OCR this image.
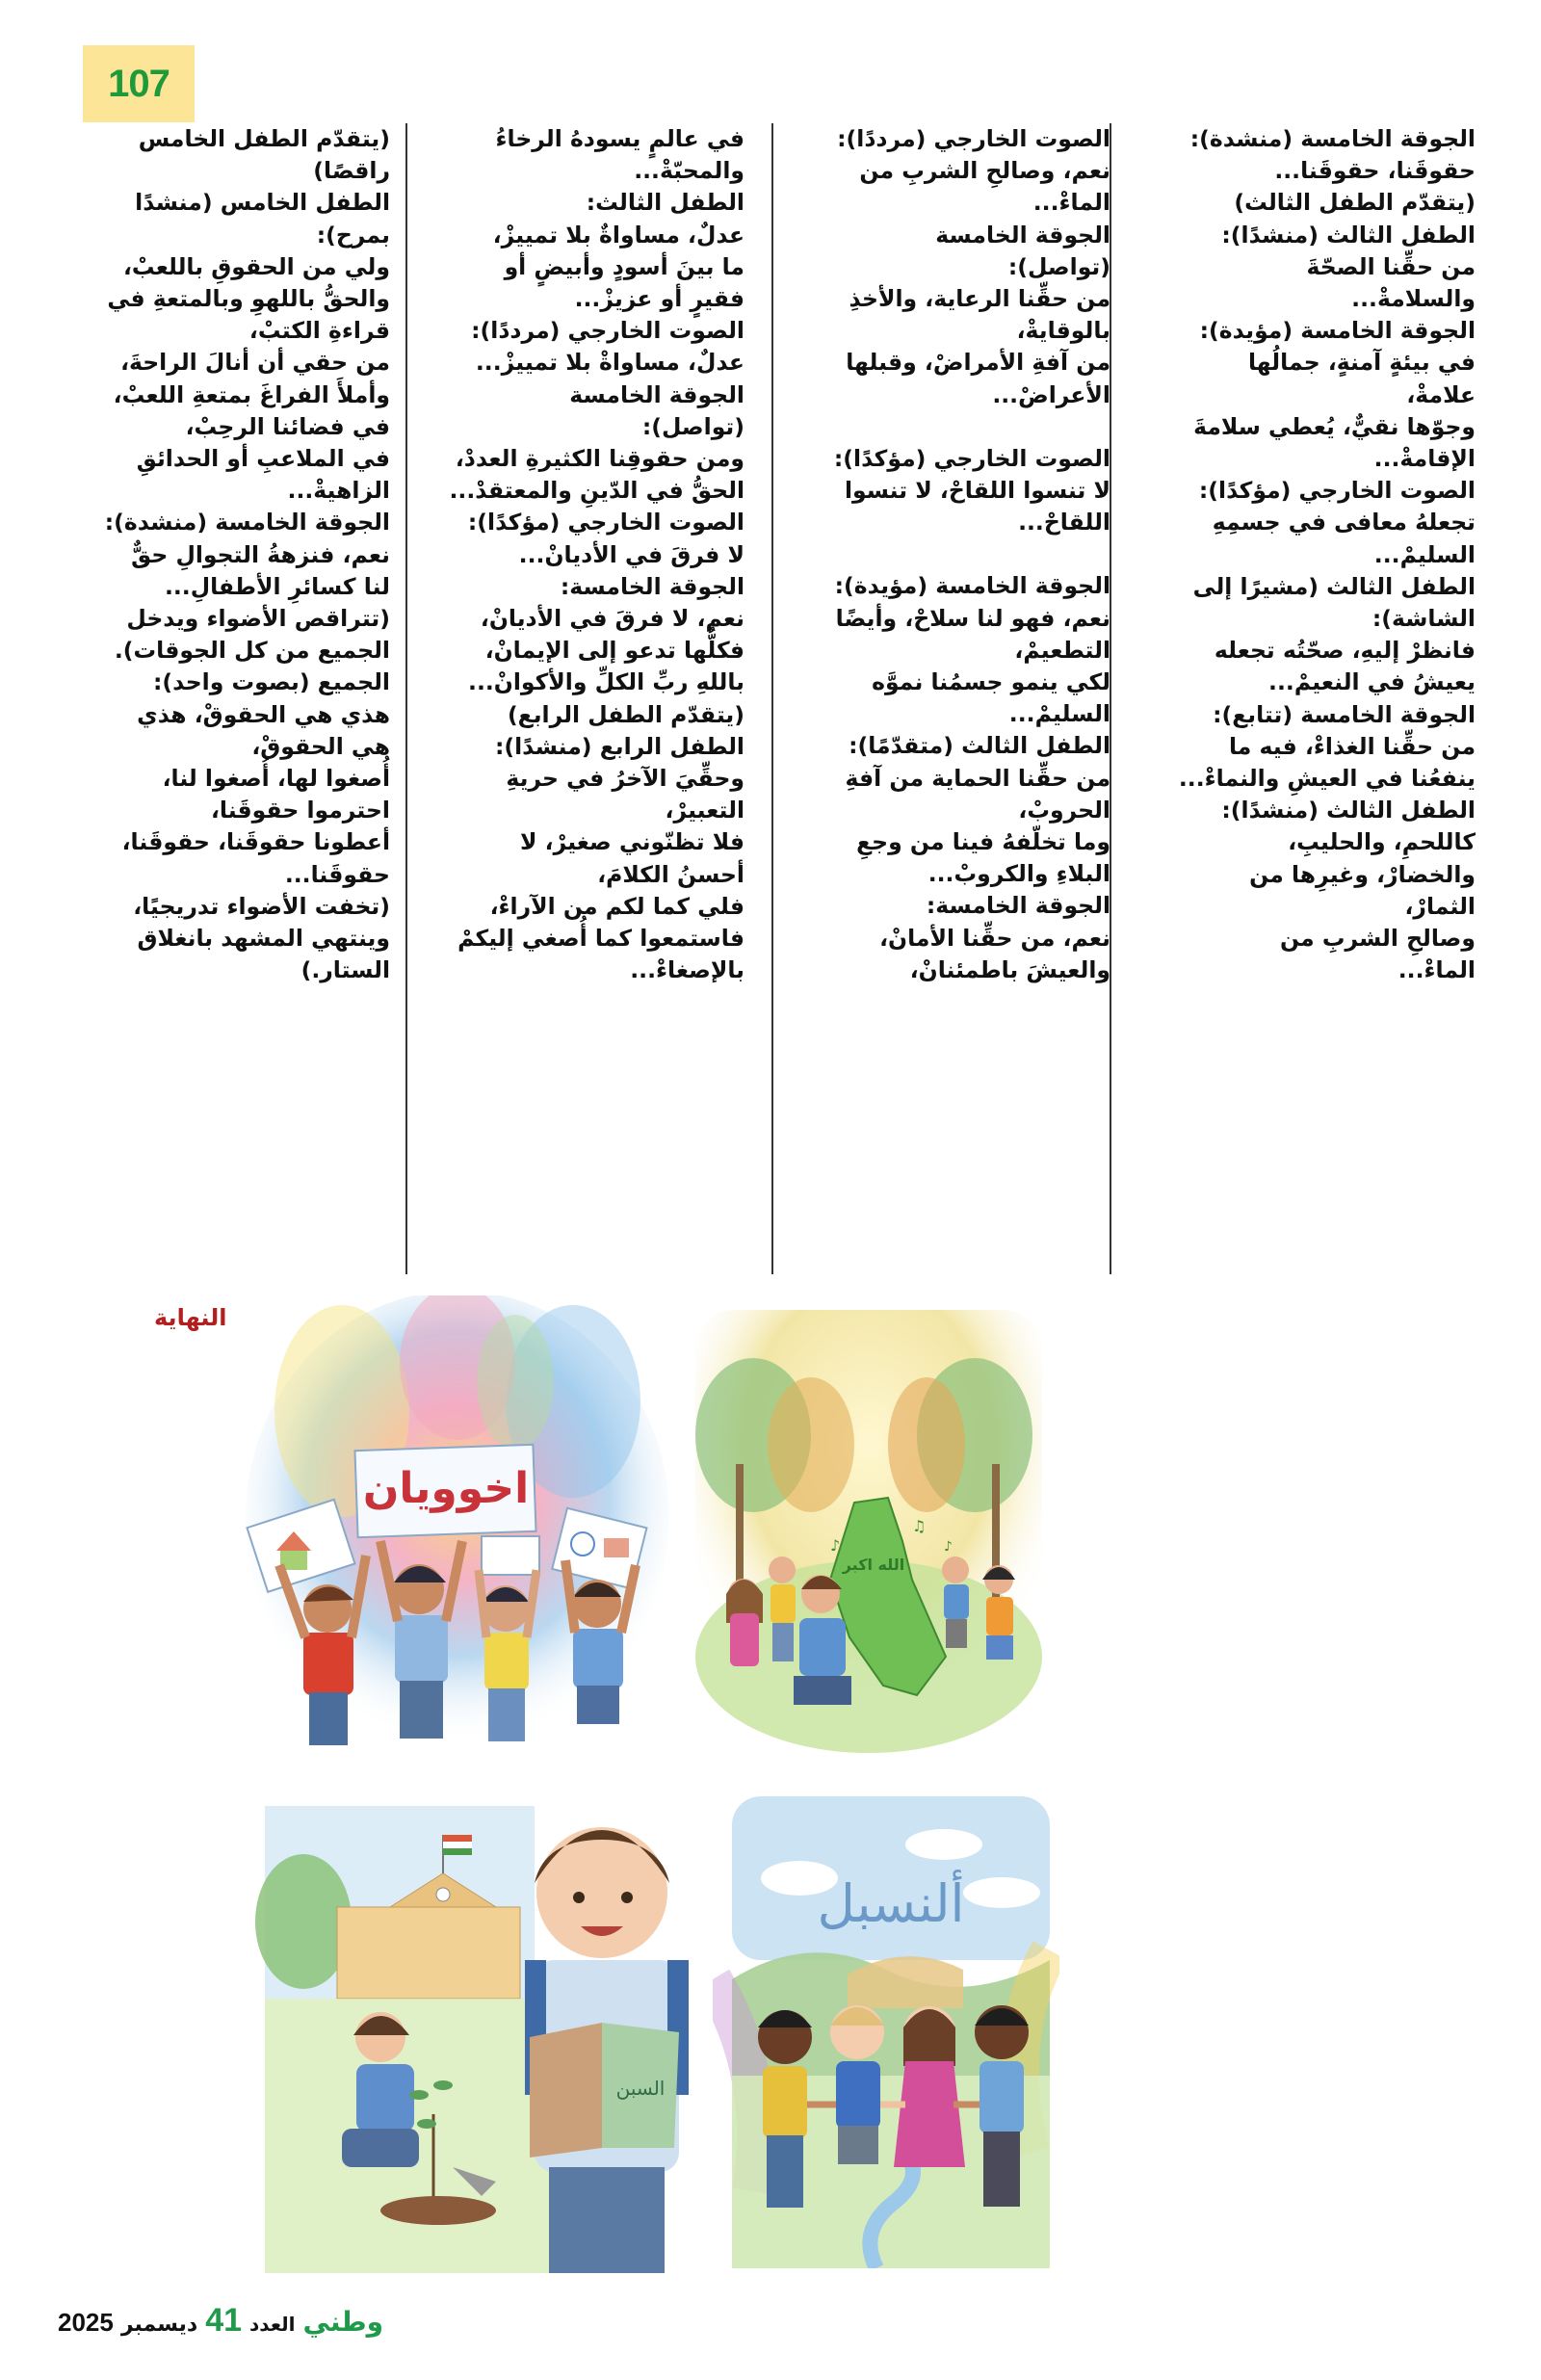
107

الجوقة الخامسة (منشدة):

حقوقَنا، حقوقَنا...

(يتقدّم الطفل الثالث)

الطفل الثالث (منشدًا):

من حقِّنا الصحّةَ
والسلامةْ...

الجوقة الخامسة (مؤيدة):

في بيئةٍ آمنةٍ، جمالُها
علامةْ،

وجوّها نقيٌّ، يُعطي سلامةَ
الإقامةْ...

الصوت الخارجي (مؤكدًا):

تجعلهُ معافى في جسمِهِ
السليمْ...

الطفل الثالث (مشيرًا إلى
الشاشة):

فانظرْ إليهِ، صحّتُه تجعله
يعيشُ في النعيمْ...

الجوقة الخامسة (تتابع):

من حقِّنا الغذاءْ، فيه ما
ينفعُنا في العيشِ والنماءْ...

الطفل الثالث (منشدًا):

كاللحمِ، والحليبِ،
والخضارْ، وغيرِها من
الثمارْ،

وصالحِ الشربِ من
الماءْ...

الصوت الخارجي (مرددًا):

نعم، وصالحِ الشربِ من
الماءْ...

الجوقة الخامسة
(تواصل):

من حقِّنا الرعاية، والأخذِ
بالوقايةْ،

من آفةِ الأمراضْ، وقبلها
الأعراضْ...

الصوت الخارجي (مؤكدًا):

لا تنسوا اللقاحْ، لا تنسوا
اللقاحْ...

الجوقة الخامسة (مؤيدة):

نعم، فهو لنا سلاحْ، وأيضًا
التطعيمْ،

لكي ينمو جسمُنا نموَّه
السليمْ...

الطفل الثالث (متقدّمًا):

من حقِّنا الحماية من آفةِ
الحروبْ،

وما تخلّفهُ فينا من وجعِ
البلاءِ والكروبْ...

الجوقة الخامسة:

نعم، من حقِّنا الأمانْ،
والعيشَ باطمئنانْ،

في عالمٍ يسودهُ الرخاءُ
والمحبّةْ...

الطفل الثالث:

عدلٌ، مساواةٌ بلا تمييزْ،

ما بينَ أسودٍ وأبيضٍ أو
فقيرٍ أو عزيزْ...

الصوت الخارجي (مرددًا):

عدلٌ، مساواةْ بلا تمييزْ...

الجوقة الخامسة
(تواصل):

ومن حقوقِنا الكثيرةِ العددْ،

الحقُّ في الدّينِ والمعتقدْ...

الصوت الخارجي (مؤكدًا):

لا فرقَ في الأديانْ...

الجوقة الخامسة:

نعم، لا فرقَ في الأديانْ،

فكلُّها تدعو إلى الإيمانْ،

باللهِ ربِّ الكلِّ والأكوانْ...

(يتقدّم الطفل الرابع)

الطفل الرابع (منشدًا):

وحقِّيَ الآخرُ في حريةِ
التعبيرْ،

فلا تظنّوني صغيرْ، لا
أحسنُ الكلامَ،

فلي كما لكم من الآراءْ،

فاستمعوا كما أُصغي إليكمْ
بالإصغاءْ...

(يتقدّم الطفل الخامس
راقصًا)

الطفل الخامس (منشدًا
بمرح):

ولي من الحقوقِ باللعبْ،

والحقُّ باللهوِ وبالمتعةِ في
قراءةِ الكتبْ،

من حقي أن أنالَ الراحةَ،

وأملأَ الفراغَ بمتعةِ اللعبْ،

في فضائنا الرحِبْ،

في الملاعبِ أو الحدائقِ
الزاهيةْ...

الجوقة الخامسة (منشدة):

نعم، فنزهةُ التجوالِ حقٌّ
لنا كسائرِ الأطفالِ...

(تتراقص الأضواء ويدخل
الجميع من كل الجوقات).

الجميع (بصوت واحد):

هذي هي الحقوقْ، هذي
هي الحقوقْ،

أُصغوا لها، أُصغوا لنا،

احترموا حقوقَنا،

أعطونا حقوقَنا، حقوقَنا،
حقوقَنا...

(تخفت الأضواء تدريجيًا،
وينتهي المشهد بانغلاق
الستار.)

النهاية
اخوويان
الله اكبر
♪
♫
♪
السبن
ألنسبل
وطني
العدد
41
ديسمبر
2025
